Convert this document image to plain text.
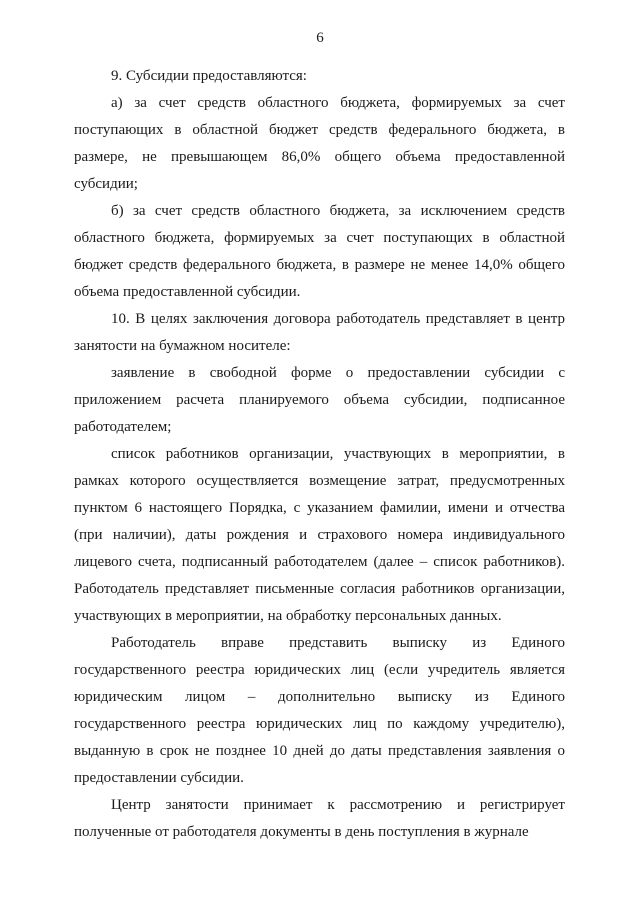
6

9. Субсидии предоставляются:

а) за счет средств областного бюджета, формируемых за счет поступающих в областной бюджет средств федерального бюджета, в размере, не превышающем 86,0% общего объема предоставленной субсидии;

б) за счет средств областного бюджета, за исключением средств областного бюджета, формируемых за счет поступающих в областной бюджет средств федерального бюджета, в размере не менее 14,0% общего объема предоставленной субсидии.

10. В целях заключения договора работодатель представляет в центр занятости на бумажном носителе:

заявление в свободной форме о предоставлении субсидии с приложением расчета планируемого объема субсидии, подписанное работодателем;

список работников организации, участвующих в мероприятии, в рамках которого осуществляется возмещение затрат, предусмотренных пунктом 6 настоящего Порядка, с указанием фамилии, имени и отчества (при наличии), даты рождения и страхового номера индивидуального лицевого счета, подписанный работодателем (далее – список работников). Работодатель представляет письменные согласия работников организации, участвующих в мероприятии, на обработку персональных данных.

Работодатель вправе представить выписку из Единого государственного реестра юридических лиц (если учредитель является юридическим лицом – дополнительно выписку из Единого государственного реестра юридических лиц по каждому учредителю), выданную в срок не позднее 10 дней до даты представления заявления о предоставлении субсидии.

Центр занятости принимает к рассмотрению и регистрирует полученные от работодателя документы в день поступления в журнале
